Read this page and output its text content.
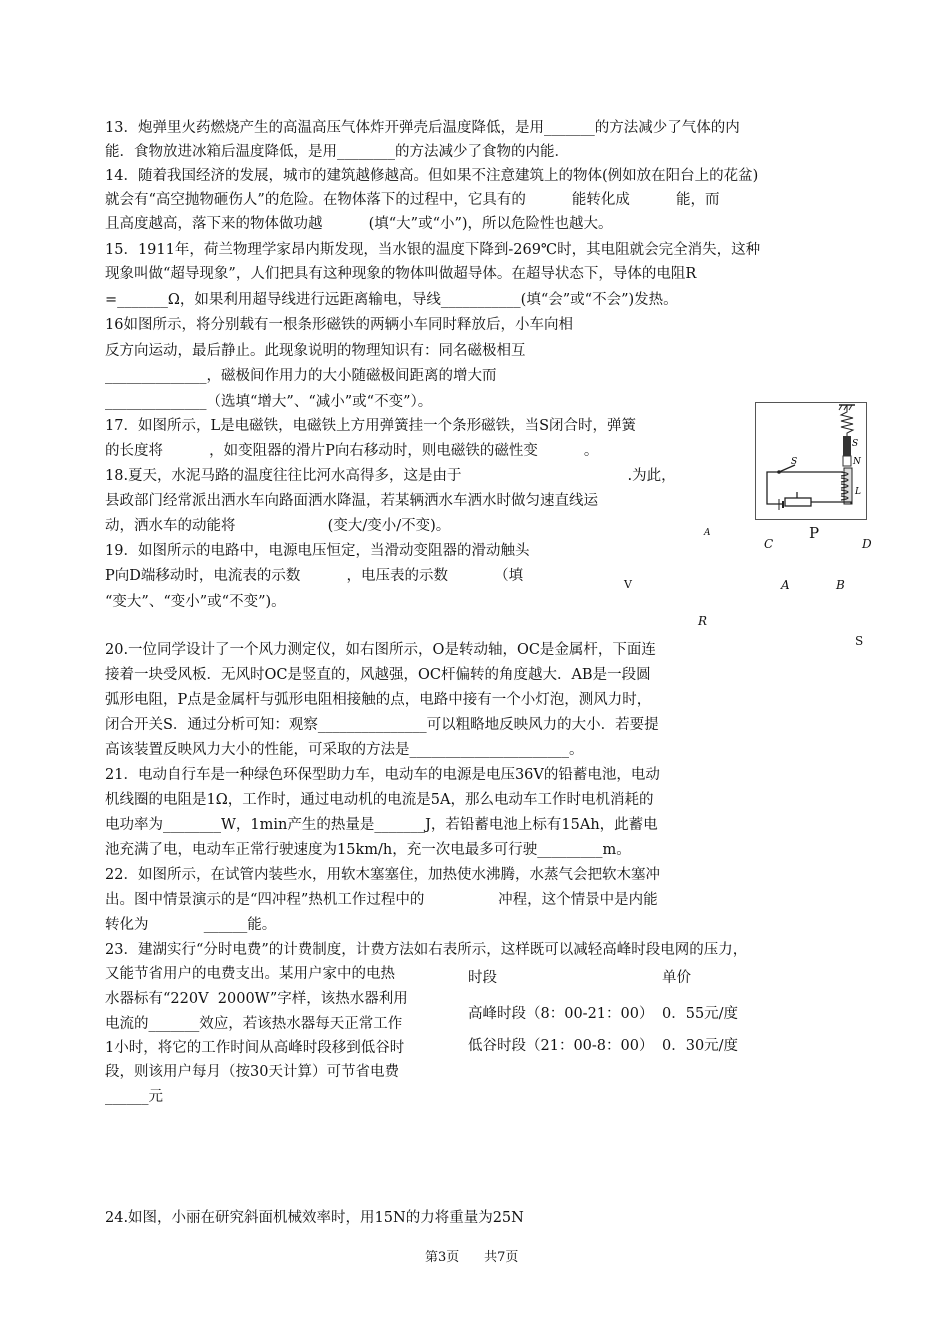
13．炮弹里火药燃烧产生的高温高压气体炸开弹壳后温度降低，是用_______的方法减少了气体的内
能．食物放进冰箱后温度降低，是用________的方法减少了食物的内能．
14．随着我国经济的发展，城市的建筑越修越高。但如果不注意建筑上的物体(例如放在阳台上的花盆)
就会有“高空抛物砸伤人”的危险。在物体落下的过程中，它具有的          能转化成          能，而
且高度越高，落下来的物体做功越          (填“大”或“小”)，所以危险性也越大。
15．1911年，荷兰物理学家昂内斯发现，当水银的温度下降到-269℃时，其电阻就会完全消失，这种
现象叫做“超导现象”，人们把具有这种现象的物体叫做超导体。在超导状态下，导体的电阻R
=_______Ω，如果利用超导线进行远距离输电，导线___________(填“会”或“不会”)发热。
16如图所示，将分别载有一根条形磁铁的两辆小车同时释放后，小车向相
反方向运动，最后静止。此现象说明的物理知识有：同名磁极相互
______________，磁极间作用力的大小随磁极间距离的增大而
______________（选填“增大”、“减小”或“不变”）。
17．如图所示，L是电磁铁，电磁铁上方用弹簧挂一个条形磁铁，当S闭合时，弹簧
的长度将          ，如变阻器的滑片P向右移动时，则电磁铁的磁性变          。
18.夏天，水泥马路的温度往往比河水高得多，这是由于                                    .为此，
县政部门经常派出洒水车向路面洒水降温，若某辆洒水车洒水时做匀速直线运
动，洒水车的动能将                    (变大/变小/不变)。
19．如图所示的电路中，电源电压恒定，当滑动变阻器的滑动触头
P向D端移动时，电流表的示数          ，电压表的示数          （填
“变大”、“变小”或“不变”)。
20.一位同学设计了一个风力测定仪，如右图所示，O是转动轴，OC是金属杆，下面连
接着一块受风板．无风时OC是竖直的，风越强，OC杆偏转的角度越大．AB是一段圆
弧形电阻，P点是金属杆与弧形电阻相接触的点，电路中接有一个小灯泡，测风力时，
闭合开关S．通过分析可知：观察_______________可以粗略地反映风力的大小．若要提
高该装置反映风力大小的性能，可采取的方法是______________________。
21．电动自行车是一种绿色环保型助力车，电动车的电源是电压36V的铅蓄电池，电动
机线圈的电阻是1Ω，工作时，通过电动机的电流是5A，那么电动车工作时电机消耗的
电功率为________W，1min产生的热量是_______J，若铅蓄电池上标有15Ah，此蓄电
池充满了电，电动车正常行驶速度为15km/h，充一次电最多可行驶_________m。
22．如图所示，在试管内装些水，用软木塞塞住，加热使水沸腾，水蒸气会把软木塞冲
出。图中情景演示的是“四冲程”热机工作过程中的                冲程，这个情景中是内能
转化为            ______能。
23．建湖实行“分时电费”的计费制度，计费方法如右表所示，这样既可以减轻高峰时段电网的压力，
又能节省用户的电费支出。某用户家中的电热
水器标有“220V  2000W”字样，该热水器利用
电流的_______效应，若该热水器每天正常工作
1小时，将它的工作时间从高峰时段移到低谷时
段，则该用户每月（按30天计算）可节省电费
______元
24.如图，小丽在研究斜面机械效率时，用15N的力将重量为25N
时段	单价
高峰时段（8：00-21：00） 0．55元/度
低谷时段（21：00-8：00） 0．30元/度
S
N
L
S
A	P
C	D
V	A	B
R
S
第3页      共7页
